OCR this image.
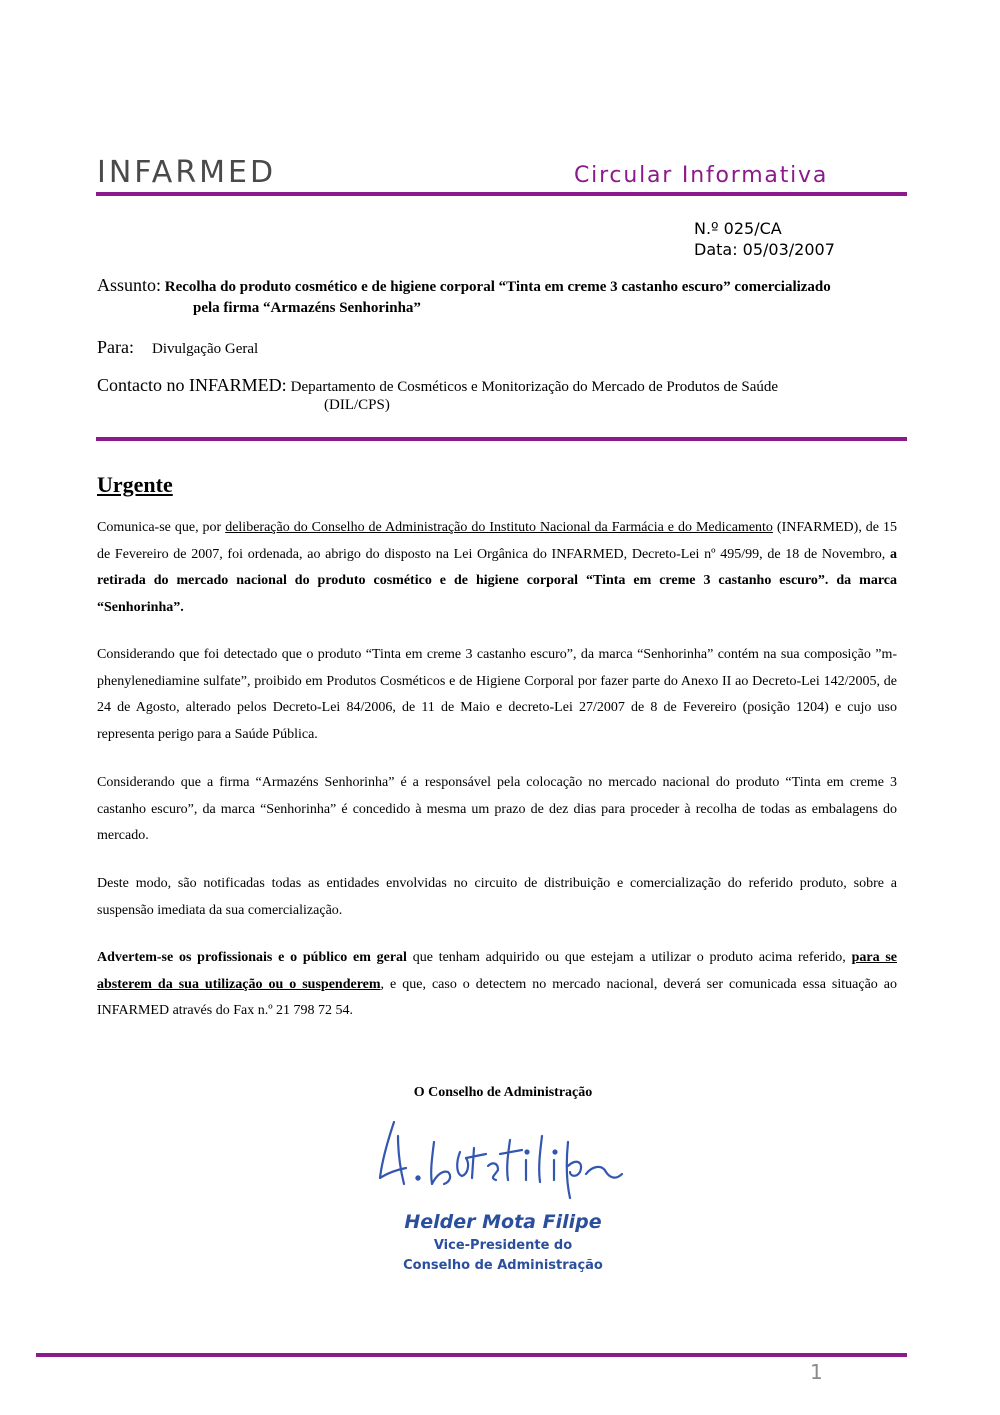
INFARMED	Circular Informativa
N.º 025/CA
Data: 05/03/2007
Assunto: Recolha do produto cosmético e de higiene corporal “Tinta em creme 3 castanho escuro” comercializado
pela firma “Armazéns Senhorinha”
Para: Divulgação Geral
Contacto no INFARMED: Departamento de Cosméticos e Monitorização do Mercado de Produtos de Saúde
(DIL/CPS)
Urgente
Comunica-se que, por deliberação do Conselho de Administração do Instituto Nacional da Farmácia e do Medicamento (INFARMED), de 15 de Fevereiro de 2007, foi ordenada, ao abrigo do disposto na Lei Orgânica do INFARMED, Decreto-Lei nº 495/99, de 18 de Novembro, a retirada do mercado nacional do produto cosmético e de higiene corporal “Tinta em creme 3 castanho escuro”. da marca “Senhorinha”.
Considerando que foi detectado que o produto “Tinta em creme 3 castanho escuro”, da marca “Senhorinha” contém na sua composição ”m-phenylenediamine sulfate”, proibido em Produtos Cosméticos e de Higiene Corporal por fazer parte do Anexo II ao Decreto-Lei 142/2005, de 24 de Agosto, alterado pelos Decreto-Lei 84/2006, de 11 de Maio e decreto-Lei 27/2007 de 8 de Fevereiro (posição 1204) e cujo uso representa perigo para a Saúde Pública.
Considerando que a firma “Armazéns Senhorinha” é a responsável pela colocação no mercado nacional do produto “Tinta em creme 3 castanho escuro”, da marca “Senhorinha” é concedido à mesma um prazo de dez dias para proceder à recolha de todas as embalagens do mercado.
Deste modo, são notificadas todas as entidades envolvidas no circuito de distribuição e comercialização do referido produto, sobre a suspensão imediata da sua comercialização.
Advertem-se os profissionais e o público em geral que tenham adquirido ou que estejam a utilizar o produto acima referido, para se absterem da sua utilização ou o suspenderem, e que, caso o detectem no mercado nacional, deverá ser comunicada essa situação ao INFARMED através do Fax n.º 21 798 72 54.
O Conselho de Administração
Helder Mota Filipe
Vice-Presidente do
Conselho de Administração
1
